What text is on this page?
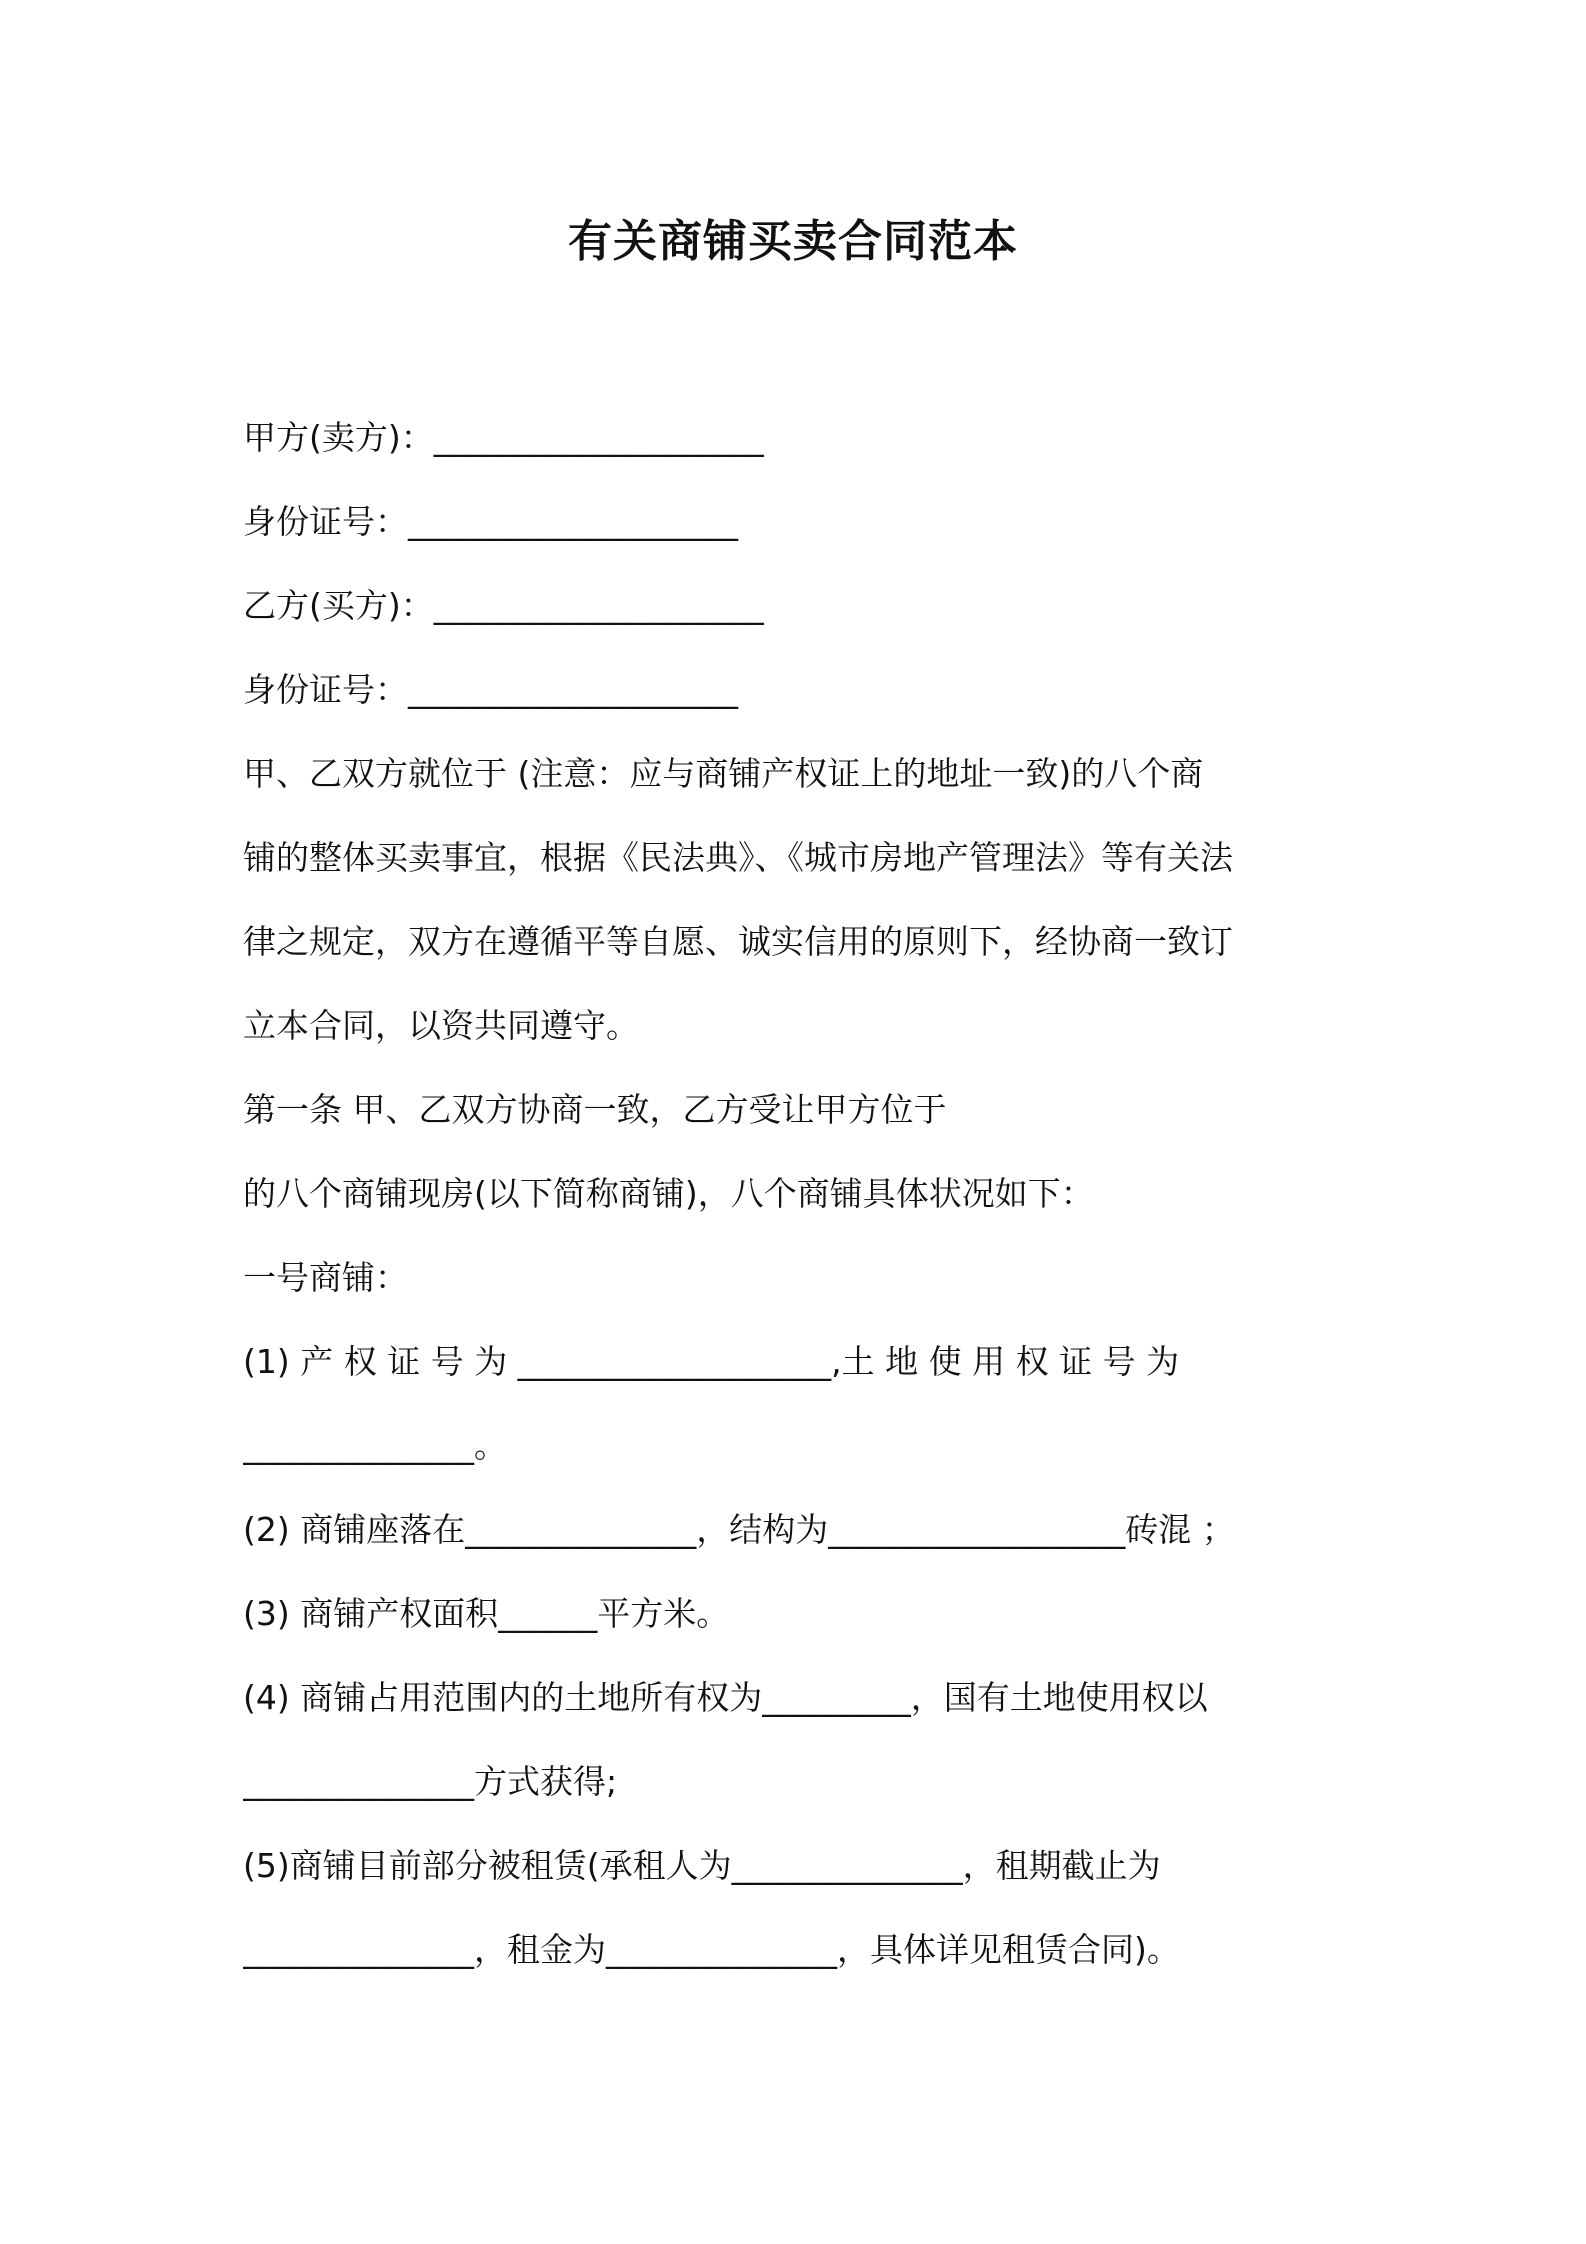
有关商铺买卖合同范本
甲方(卖方)：____________________
身份证号：____________________
乙方(买方)：____________________
身份证号：____________________
甲、乙双方就位于 (注意：应与商铺产权证上的地址一致)的八个商
铺的整体买卖事宜，根据《民法典》、《城市房地产管理法》等有关法
律之规定，双方在遵循平等自愿、诚实信用的原则下，经协商一致订
立本合同，以资共同遵守。
第一条 甲、乙双方协商一致，乙方受让甲方位于
的八个商铺现房(以下简称商铺)，八个商铺具体状况如下：
一号商铺：
(1) 产 权 证 号 为 ___________________,土 地 使 用 权 证 号 为
______________。
(2) 商铺座落在______________，结构为__________________砖混 ；
(3) 商铺产权面积______平方米。
(4) 商铺占用范围内的土地所有权为_________，国有土地使用权以
______________方式获得;
(5)商铺目前部分被租赁(承租人为______________，租期截止为
______________，租金为______________，具体详见租赁合同)。
